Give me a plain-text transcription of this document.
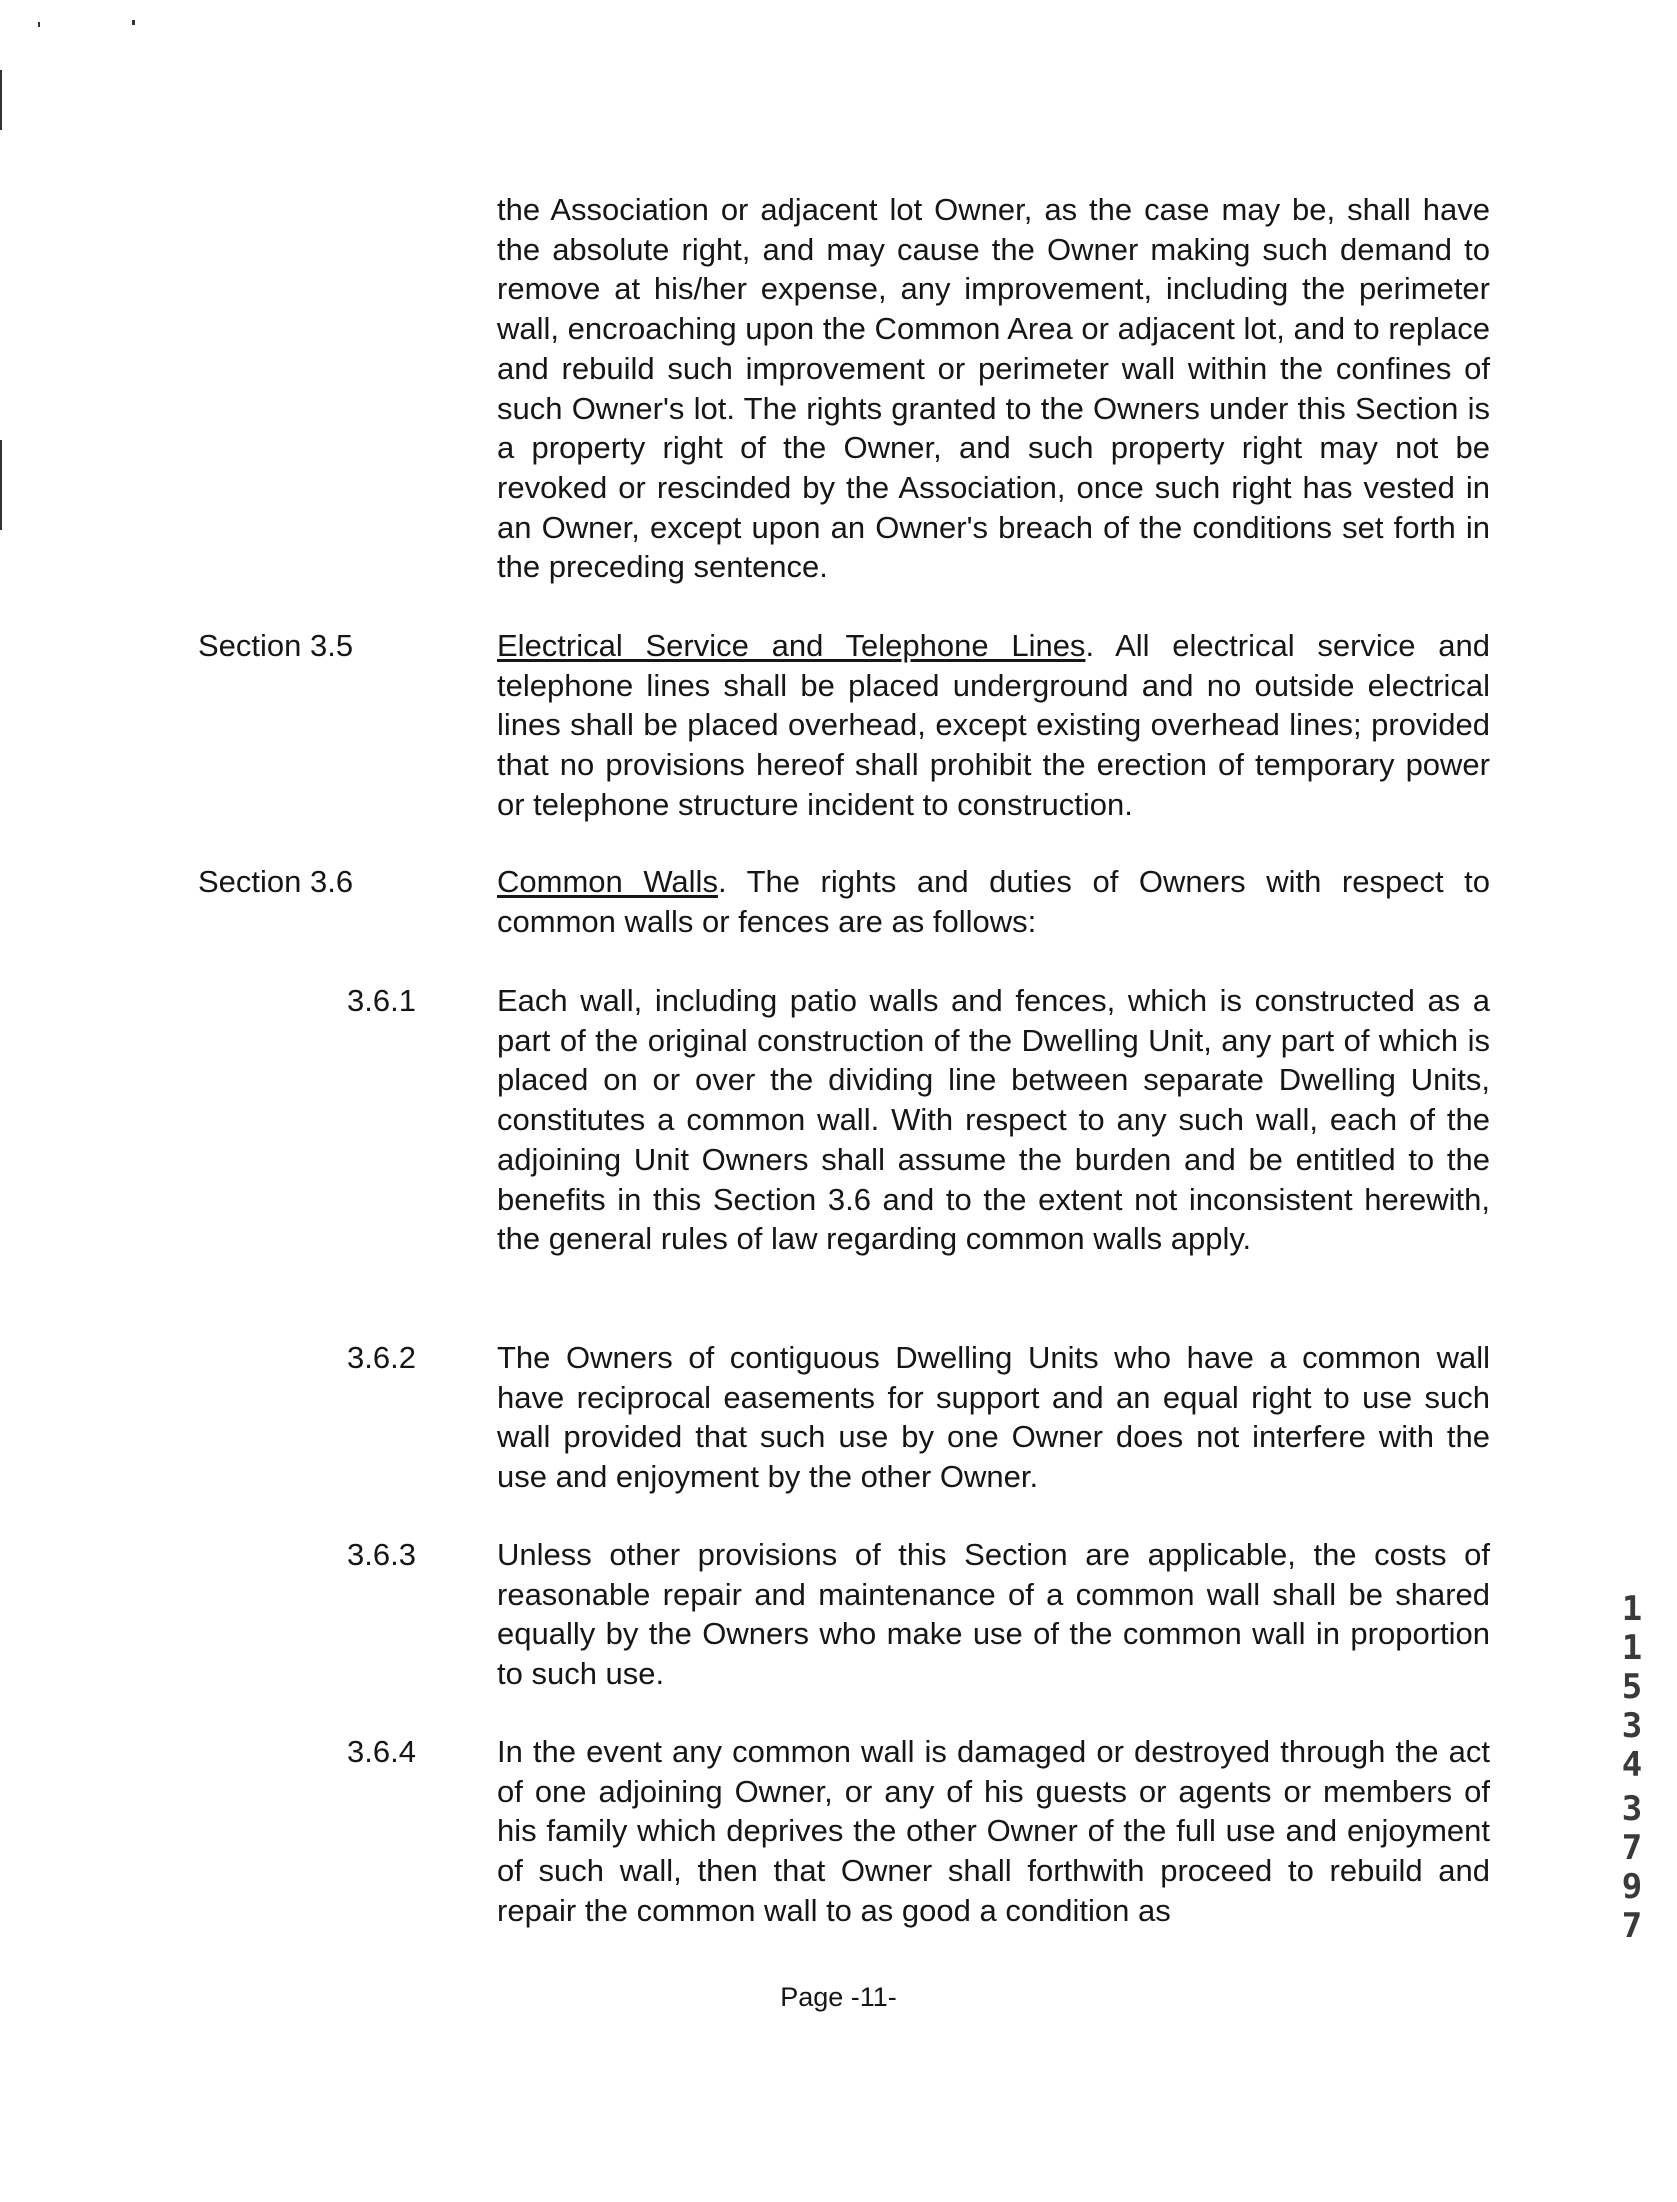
the Association or adjacent lot Owner, as the case may be, shall have the absolute right, and may cause the Owner making such demand to remove at his/her expense, any improvement, including the perimeter wall, encroaching upon the Common Area or adjacent lot, and to replace and rebuild such improvement or perimeter wall within the confines of such Owner's lot. The rights granted to the Owners under this Section is a property right of the Owner, and such property right may not be revoked or rescinded by the Association, once such right has vested in an Owner, except upon an Owner's breach of the conditions set forth in the preceding sentence.

Section 3.5	Electrical Service and Telephone Lines. All electrical service and telephone lines shall be placed underground and no outside electrical lines shall be placed overhead, except existing overhead lines; provided that no provisions hereof shall prohibit the erection of temporary power or telephone structure incident to construction.

Section 3.6	Common Walls. The rights and duties of Owners with respect to common walls or fences are as follows:

3.6.1	Each wall, including patio walls and fences, which is constructed as a part of the original construction of the Dwelling Unit, any part of which is placed on or over the dividing line between separate Dwelling Units, constitutes a common wall. With respect to any such wall, each of the adjoining Unit Owners shall assume the burden and be entitled to the benefits in this Section 3.6 and to the extent not inconsistent herewith, the general rules of law regarding common walls apply.

3.6.2	The Owners of contiguous Dwelling Units who have a common wall have reciprocal easements for support and an equal right to use such wall provided that such use by one Owner does not interfere with the use and enjoyment by the other Owner.

3.6.3	Unless other provisions of this Section are applicable, the costs of reasonable repair and maintenance of a common wall shall be shared equally by the Owners who make use of the common wall in proportion to such use.

3.6.4	In the event any common wall is damaged or destroyed through the act of one adjoining Owner, or any of his guests or agents or members of his family which deprives the other Owner of the full use and enjoyment of such wall, then that Owner shall forthwith proceed to rebuild and repair the common wall to as good a condition as

11534

3797

Page -11-
